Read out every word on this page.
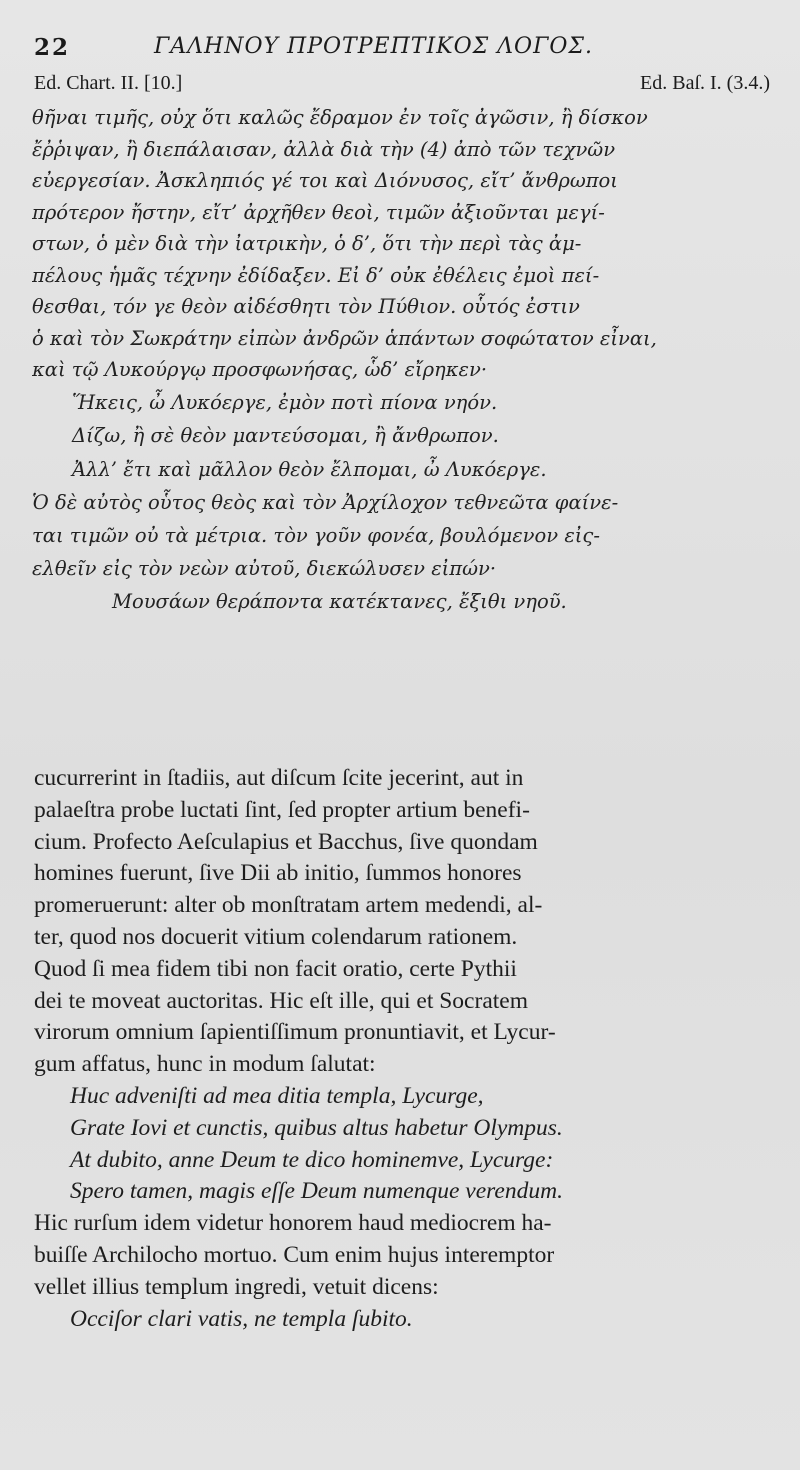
22	ΓΑΛΗΝΟΥ ΠΡΟΤΡΕΠΤΙΚΟΣ ΛΟΓΟΣ.
Ed. Chart. II. [10.]	Ed. Baſ. I. (3.4.)
θῆναι τιμῆς, οὐχ ὅτι καλῶς ἔδραμον ἐν τοῖς ἀγῶσιν, ἢ δίσκον
ἔῤῥιψαν, ἢ διεπάλαισαν, ἀλλὰ διὰ τὴν (4) ἀπὸ τῶν τεχνῶν
εὐεργεσίαν. Ἀσκληπιός γέ τοι καὶ Διόνυσος, εἴτ’ ἄνθρωποι
πρότερον ἤστην, εἴτ’ ἀρχῆθεν θεοὶ, τιμῶν ἀξιοῦνται μεγί-
στων, ὁ μὲν διὰ τὴν ἰατρικὴν, ὁ δ’, ὅτι τὴν περὶ τὰς ἀμ-
πέλους ἡμᾶς τέχνην ἐδίδαξεν. Εἰ δ’ οὐκ ἐθέλεις ἐμοὶ πεί-
θεσθαι, τόν γε θεὸν αἰδέσθητι τὸν Πύθιον. οὗτός ἐστιν
ὁ καὶ τὸν Σωκράτην εἰπὼν ἀνδρῶν ἁπάντων σοφώτατον εἶναι,
καὶ τῷ Λυκούργῳ προσφωνήσας, ὧδ’ εἴρηκεν·
Ἥκεις, ὦ Λυκόεργε, ἐμὸν ποτὶ πίονα νηόν.
Δίζω, ἢ σὲ θεὸν μαντεύσομαι, ἢ ἄνθρωπον.
Ἀλλ’ ἔτι καὶ μᾶλλον θεὸν ἔλπομαι, ὦ Λυκόεργε.
Ὁ δὲ αὐτὸς οὗτος θεὸς καὶ τὸν Ἀρχίλοχον τεθνεῶτα φαίνε-
ται τιμῶν οὐ τὰ μέτρια. τὸν γοῦν φονέα, βουλόμενον εἰς-
ελθεῖν εἰς τὸν νεὼν αὐτοῦ, διεκώλυσεν εἰπών·
Μουσάων θεράποντα κατέκτανες, ἔξιθι νηοῦ.
cucurrerint in ſtadiis, aut diſcum ſcite jecerint, aut in
palaeſtra probe luctati ſint, ſed propter artium benefi-
cium. Profecto Aeſculapius et Bacchus, ſive quondam
homines fuerunt, ſive Dii ab initio, ſummos honores
promeruerunt: alter ob monſtratam artem medendi, al-
ter, quod nos docuerit vitium colendarum rationem.
Quod ſi mea fidem tibi non facit oratio, certe Pythii
dei te moveat auctoritas. Hic eſt ille, qui et Socratem
virorum omnium ſapientiſſimum pronuntiavit, et Lycur-
gum affatus, hunc in modum ſalutat:
Huc adveniſti ad mea ditia templa, Lycurge,
Grate Iovi et cunctis, quibus altus habetur Olympus.
At dubito, anne Deum te dico hominemve, Lycurge:
Spero tamen, magis eſſe Deum numenque verendum.
Hic rurſum idem videtur honorem haud mediocrem ha-
buiſſe Archilocho mortuo. Cum enim hujus interemptor
vellet illius templum ingredi, vetuit dicens:
Occiſor clari vatis, ne templa ſubito.
